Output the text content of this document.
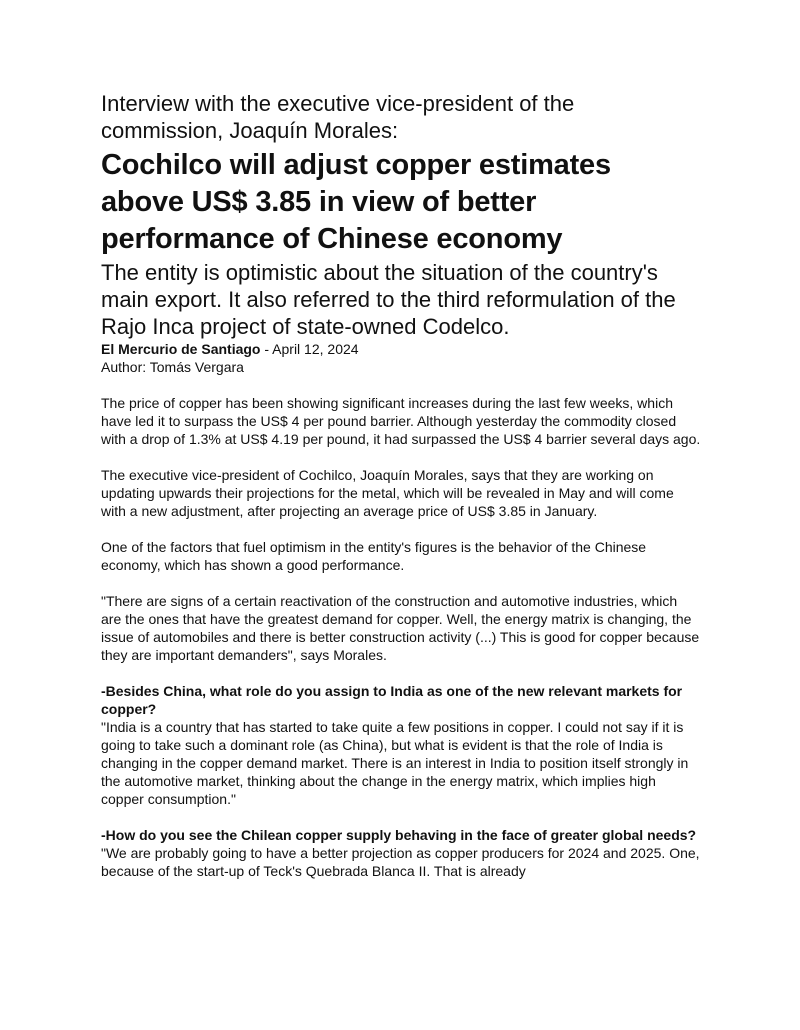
Interview with the executive vice-president of the commission, Joaquín Morales:
Cochilco will adjust copper estimates above US$ 3.85 in view of better performance of Chinese economy
The entity is optimistic about the situation of the country's main export. It also referred to the third reformulation of the Rajo Inca project of state-owned Codelco.

El Mercurio de Santiago - April 12, 2024

Author: Tomás Vergara

The price of copper has been showing significant increases during the last few weeks, which have led it to surpass the US$ 4 per pound barrier. Although yesterday the commodity closed with a drop of 1.3% at US$ 4.19 per pound, it had surpassed the US$ 4 barrier several days ago.

The executive vice-president of Cochilco, Joaquín Morales, says that they are working on updating upwards their projections for the metal, which will be revealed in May and will come with a new adjustment, after projecting an average price of US$ 3.85 in January.

One of the factors that fuel optimism in the entity's figures is the behavior of the Chinese economy, which has shown a good performance.

"There are signs of a certain reactivation of the construction and automotive industries, which are the ones that have the greatest demand for copper. Well, the energy matrix is changing, the issue of automobiles and there is better construction activity (...) This is good for copper because they are important demanders", says Morales.

-Besides China, what role do you assign to India as one of the new relevant markets for copper?

"India is a country that has started to take quite a few positions in copper. I could not say if it is going to take such a dominant role (as China), but what is evident is that the role of India is changing in the copper demand market. There is an interest in India to position itself strongly in the automotive market, thinking about the change in the energy matrix, which implies high copper consumption."

-How do you see the Chilean copper supply behaving in the face of greater global needs?

"We are probably going to have a better projection as copper producers for 2024 and 2025. One, because of the start-up of Teck's Quebrada Blanca II. That is already
